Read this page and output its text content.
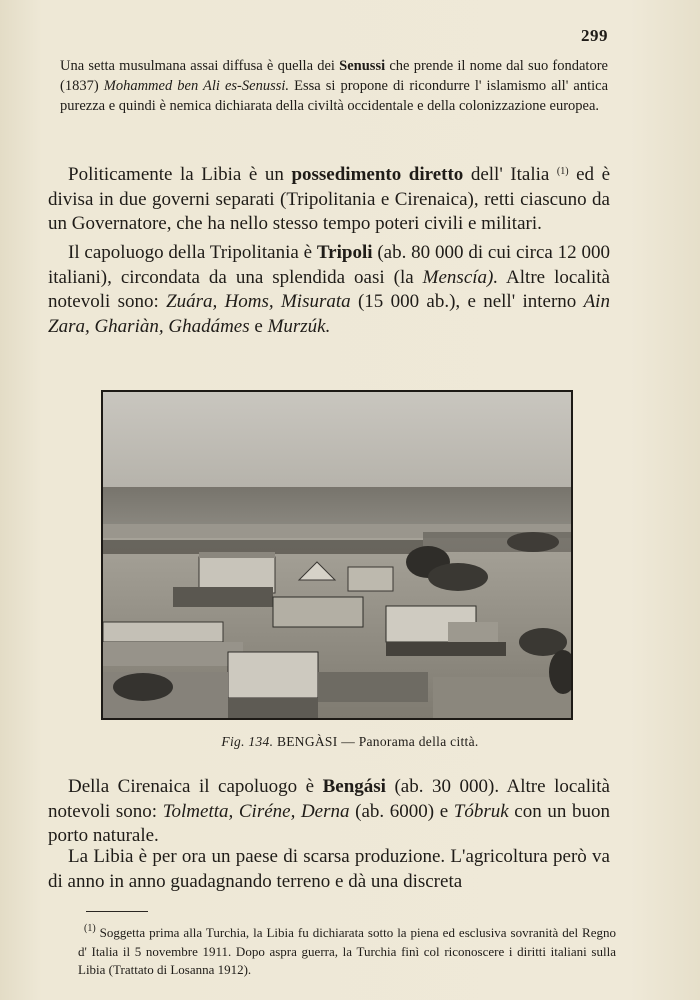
299

Una setta musulmana assai diffusa è quella dei Senussi che prende il nome dal suo fondatore (1837) Mohammed ben Ali es-Senussi. Essa si propone di ricondurre l' islamismo all' antica purezza e quindi è nemica dichiarata della civiltà occidentale e della colonizzazione europea.

Politicamente la Libia è un possedimento diretto dell' Italia $^{(1)}$ ed è divisa in due governi separati (Tripolitania e Cirenaica), retti ciascuno da un Governatore, che ha nello stesso tempo poteri civili e militari.

Il capoluogo della Tripolitania è Tripoli (ab. 80 000 di cui circa 12 000 italiani), circondata da una splendida oasi (la Menscía). Altre località notevoli sono: Zuára, Homs, Misurata (15 000 ab.), e nell' interno Ain Zara, Ghariàn, Ghadámes e Murzúk.

Fig. 134. BENGÀSI — Panorama della città.

Della Cirenaica il capoluogo è Bengási (ab. 30 000). Altre località notevoli sono: Tolmetta, Ciréne, Derna (ab. 6000) e Tóbruk con un buon porto naturale.

La Libia è per ora un paese di scarsa produzione. L'agricoltura però va di anno in anno guadagnando terreno e dà una discreta

$^{(1)}$ Soggetta prima alla Turchia, la Libia fu dichiarata sotto la piena ed esclusiva sovranità del Regno d' Italia il 5 novembre 1911. Dopo aspra guerra, la Turchia finì col riconoscere i diritti italiani sulla Libia (Trattato di Losanna 1912).
